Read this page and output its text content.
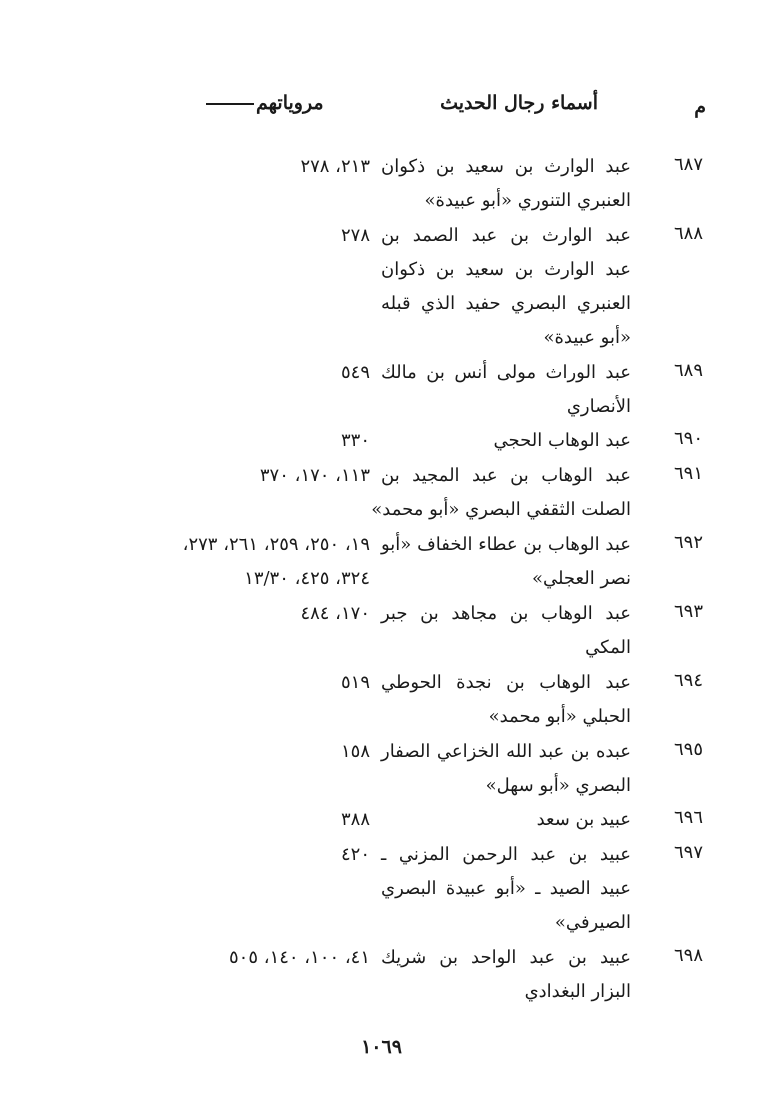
م
أسماء رجال الحديث
مروياتهم
٦٨٧
عبد الوارث بن سعيد بن ذكوان
العنبري التنوري «أبو عبيدة»
٢١٣، ٢٧٨
٦٨٨
عبد الوارث بن عبد الصمد بن
عبد الوارث بن سعيد بن ذكوان
العنبري البصري حفيد الذي قبله
«أبو عبيدة»
٢٧٨
٦٨٩
عبد الوراث مولى أنس بن مالك
الأنصاري
٥٤٩
٦٩٠
عبد الوهاب الحجي
٣٣٠
٦٩١
عبد الوهاب بن عبد المجيد بن
الصلت الثقفي البصري «أبو محمد»
١١٣، ١٧٠، ٣٧٠
٦٩٢
عبد الوهاب بن عطاء الخفاف «أبو
نصر العجلي»
١٩، ٢٥٠، ٢٥٩، ٢٦١، ٢٧٣،
٣٢٤، ٤٢٥، ١٣/٣٠
٦٩٣
عبد الوهاب بن مجاهد بن جبر
المكي
١٧٠، ٤٨٤
٦٩٤
عبد الوهاب بن نجدة الحوطي
الحبلي «أبو محمد»
٥١٩
٦٩٥
عبده بن عبد الله الخزاعي الصفار
البصري «أبو سهل»
١٥٨
٦٩٦
عبيد بن سعد
٣٨٨
٦٩٧
عبيد بن عبد الرحمن المزني ـ
عبيد الصيد ـ «أبو عبيدة البصري
الصيرفي»
٤٢٠
٦٩٨
عبيد بن عبد الواحد بن شريك
البزار البغدادي
٤١، ١٠٠، ١٤٠، ٥٠٥
١٠٦٩
